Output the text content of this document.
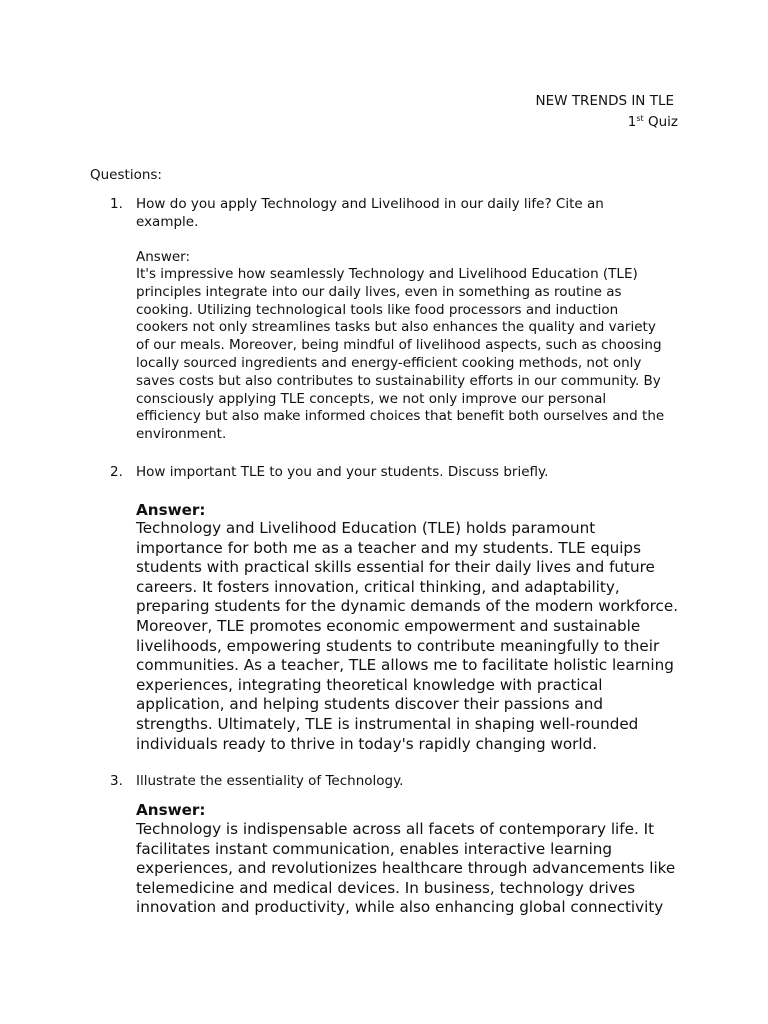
NEW TRENDS IN TLE
1st Quiz
Questions:
1. How do you apply Technology and Livelihood in our daily life? Cite an
example.
Answer:
It's impressive how seamlessly Technology and Livelihood Education (TLE)
principles integrate into our daily lives, even in something as routine as
cooking. Utilizing technological tools like food processors and induction
cookers not only streamlines tasks but also enhances the quality and variety
of our meals. Moreover, being mindful of livelihood aspects, such as choosing
locally sourced ingredients and energy-efficient cooking methods, not only
saves costs but also contributes to sustainability efforts in our community. By
consciously applying TLE concepts, we not only improve our personal
efficiency but also make informed choices that benefit both ourselves and the
environment.
2. How important TLE to you and your students. Discuss briefly.
Answer:
Technology and Livelihood Education (TLE) holds paramount
importance for both me as a teacher and my students. TLE equips
students with practical skills essential for their daily lives and future
careers. It fosters innovation, critical thinking, and adaptability,
preparing students for the dynamic demands of the modern workforce.
Moreover, TLE promotes economic empowerment and sustainable
livelihoods, empowering students to contribute meaningfully to their
communities. As a teacher, TLE allows me to facilitate holistic learning
experiences, integrating theoretical knowledge with practical
application, and helping students discover their passions and
strengths. Ultimately, TLE is instrumental in shaping well-rounded
individuals ready to thrive in today's rapidly changing world.
3. Illustrate the essentiality of Technology.
Answer:
Technology is indispensable across all facets of contemporary life. It
facilitates instant communication, enables interactive learning
experiences, and revolutionizes healthcare through advancements like
telemedicine and medical devices. In business, technology drives
innovation and productivity, while also enhancing global connectivity
